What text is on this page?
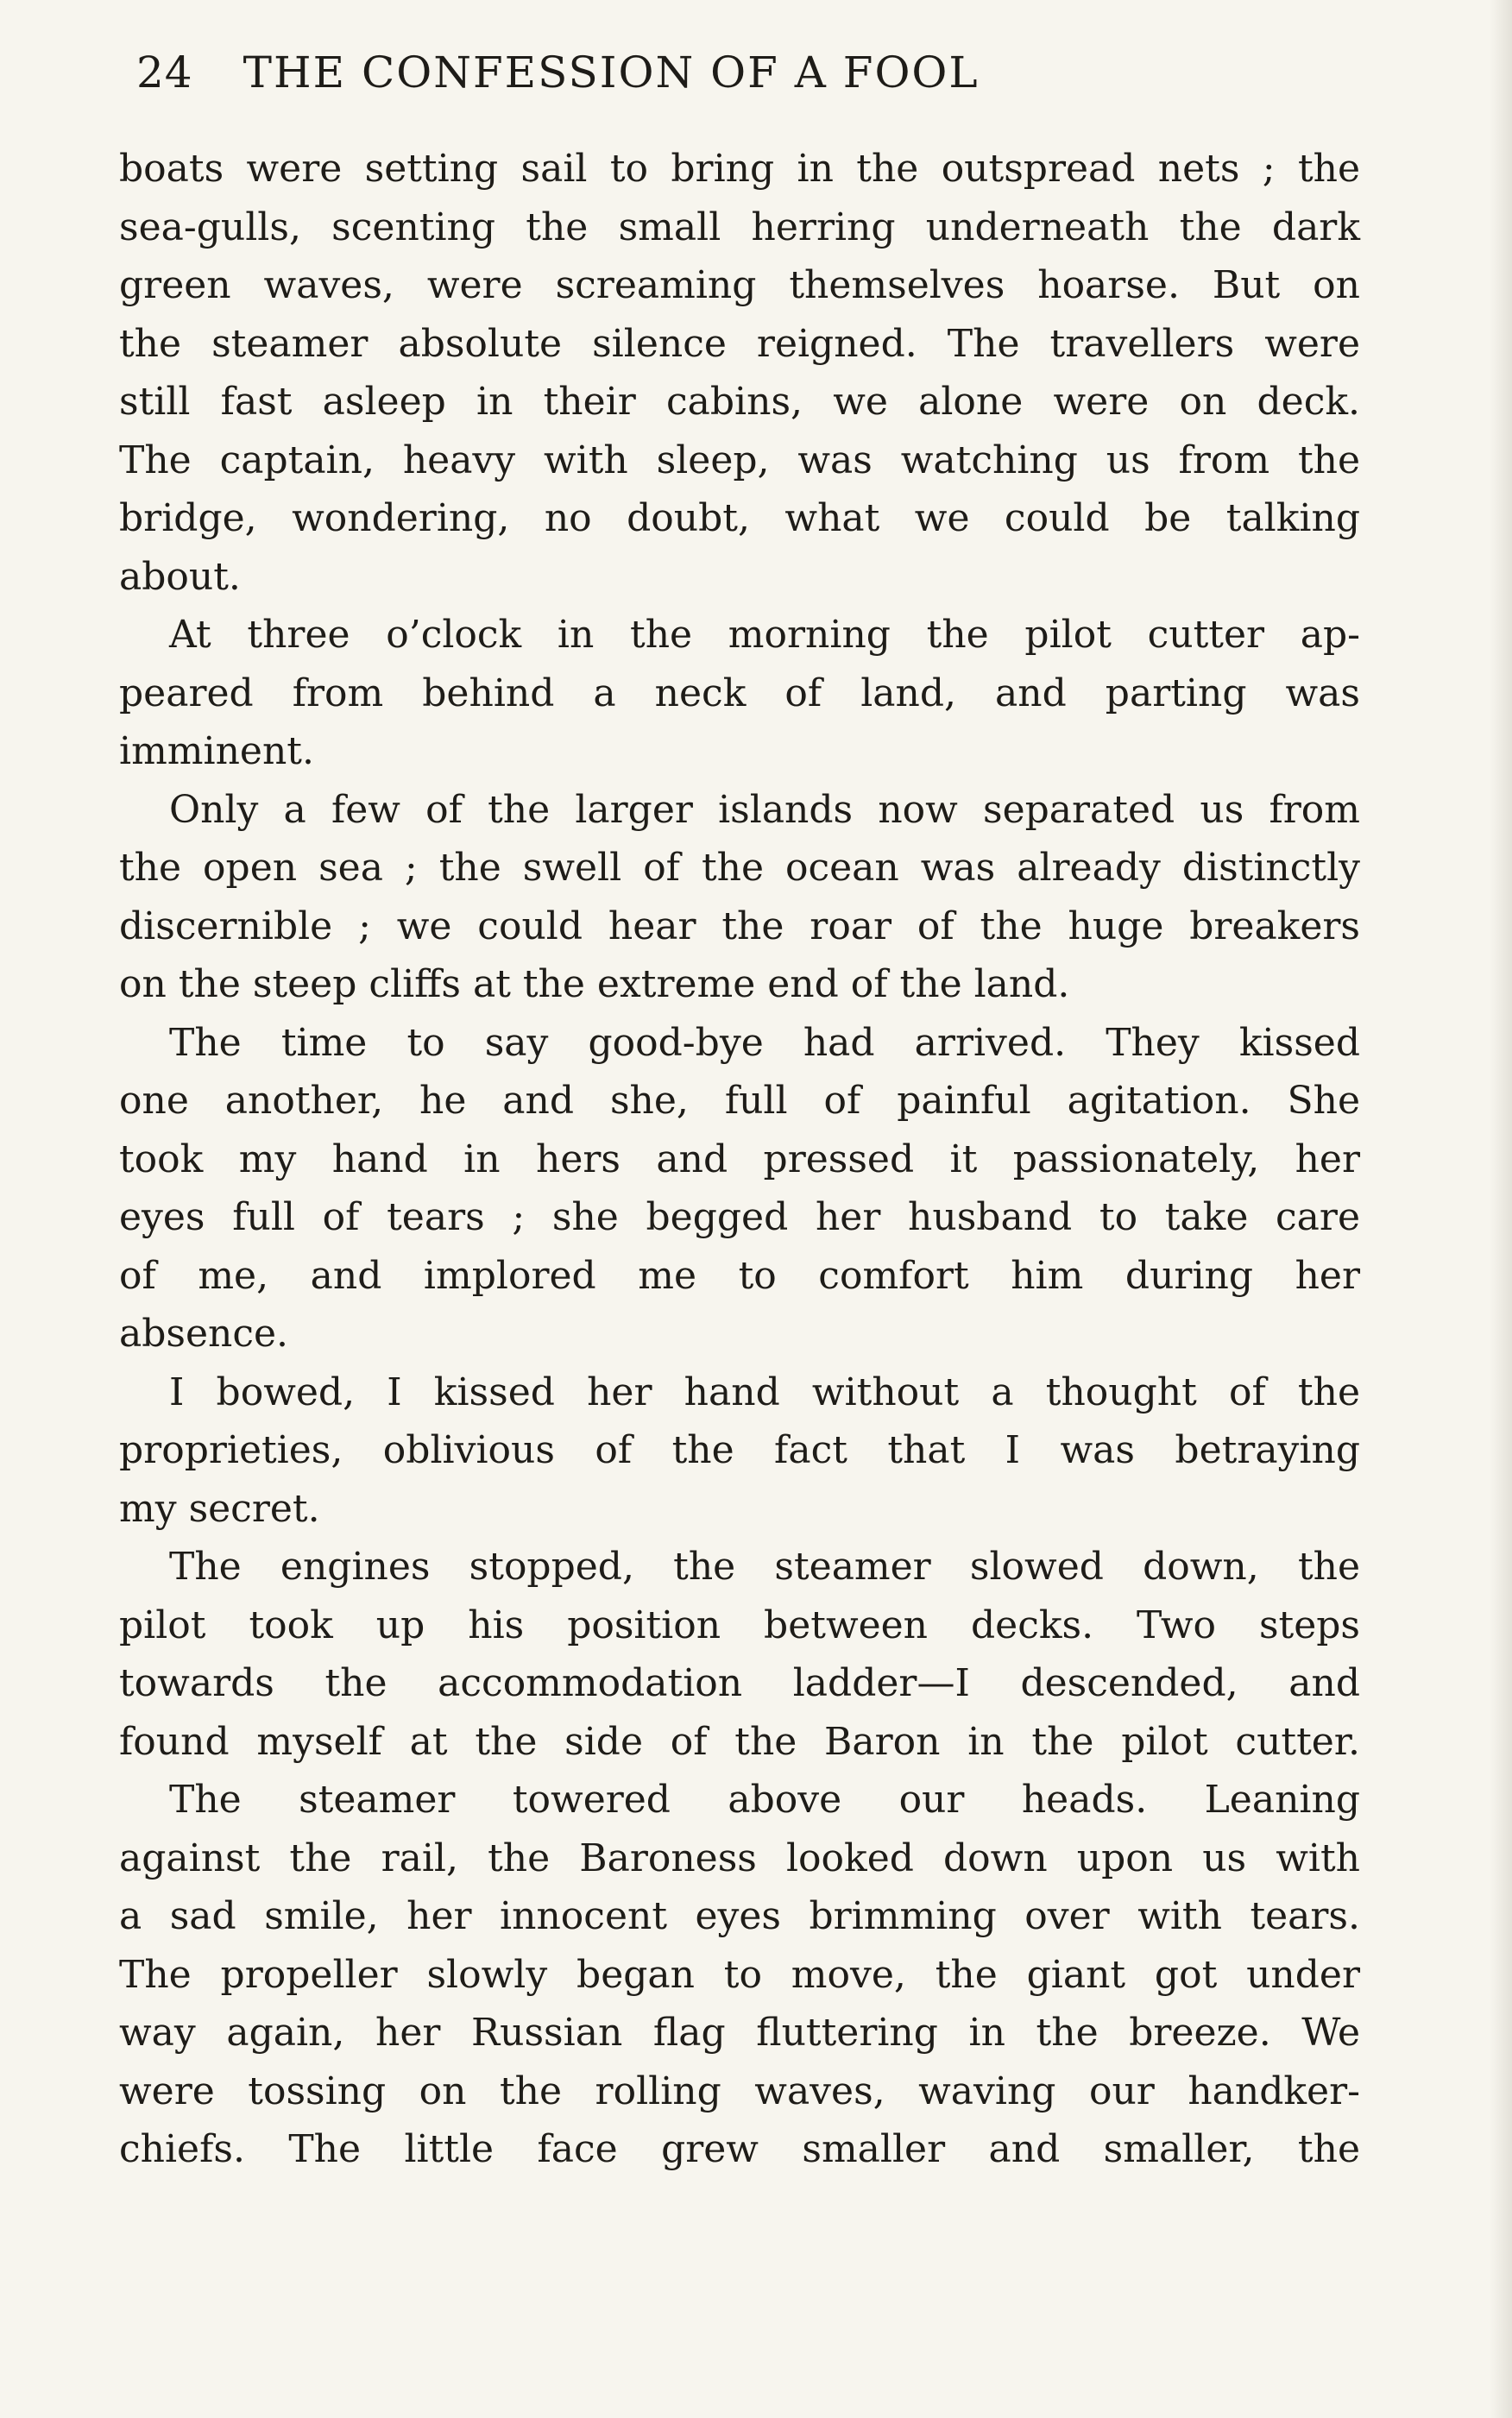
24 THE CONFESSION OF A FOOL
boats were setting sail to bring in the outspread nets ; the
sea-gulls, scenting the small herring underneath the dark
green waves, were screaming themselves hoarse. But on
the steamer absolute silence reigned. The travellers were
still fast asleep in their cabins, we alone were on deck.
The captain, heavy with sleep, was watching us from the
bridge, wondering, no doubt, what we could be talking
about.
At three o’clock in the morning the pilot cutter ap-
peared from behind a neck of land, and parting was
imminent.
Only a few of the larger islands now separated us from
the open sea ; the swell of the ocean was already distinctly
discernible ; we could hear the roar of the huge breakers
on the steep cliffs at the extreme end of the land.
The time to say good-bye had arrived. They kissed
one another, he and she, full of painful agitation. She
took my hand in hers and pressed it passionately, her
eyes full of tears ; she begged her husband to take care
of me, and implored me to comfort him during her
absence.
I bowed, I kissed her hand without a thought of the
proprieties, oblivious of the fact that I was betraying
my secret.
The engines stopped, the steamer slowed down, the
pilot took up his position between decks. Two steps
towards the accommodation ladder—I descended, and
found myself at the side of the Baron in the pilot cutter.
The steamer towered above our heads. Leaning
against the rail, the Baroness looked down upon us with
a sad smile, her innocent eyes brimming over with tears.
The propeller slowly began to move, the giant got under
way again, her Russian flag fluttering in the breeze. We
were tossing on the rolling waves, waving our handker-
chiefs. The little face grew smaller and smaller, the
